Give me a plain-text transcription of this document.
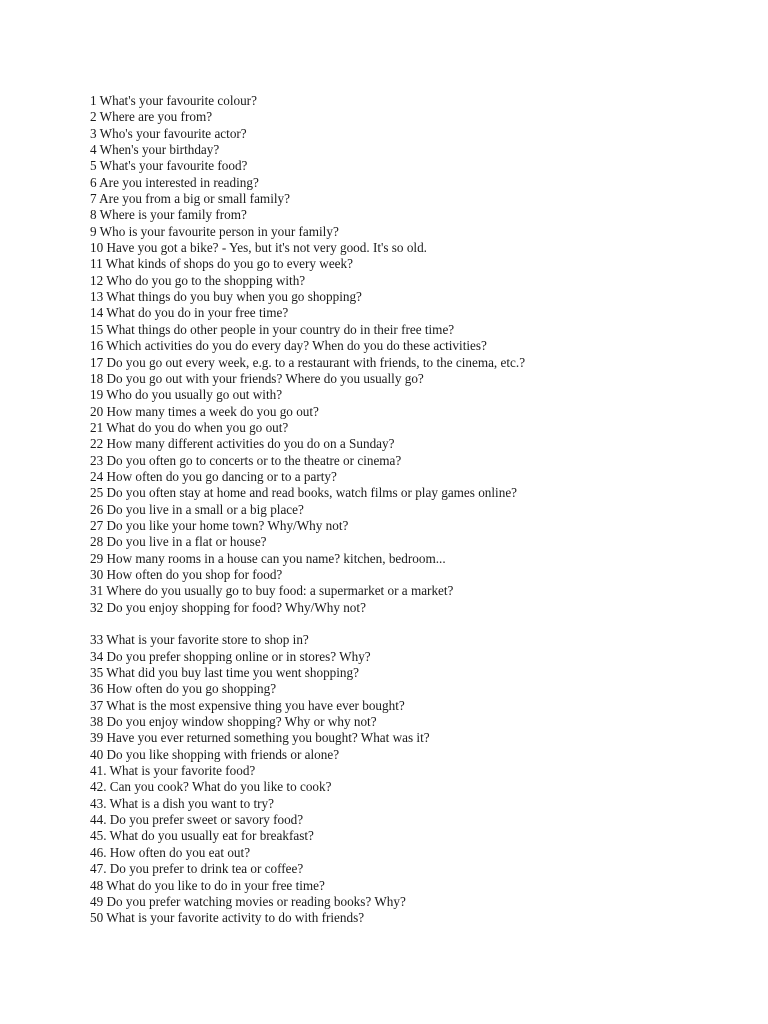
1 What's your favourite colour?
2 Where are you from?
3 Who's your favourite actor?
4 When's your birthday?
5 What's your favourite food?
6 Are you interested in reading?
7 Are you from a big or small family?
8 Where is your family from?
9 Who is your favourite person in your family?
10 Have you got a bike? - Yes, but it's not very good. It's so old.
11 What kinds of shops do you go to every week?
12 Who do you go to the shopping with?
13 What things do you buy when you go shopping?
14 What do you do in your free time?
15 What things do other people in your country do in their free time?
16 Which activities do you do every day? When do you do these activities?
17 Do you go out every week, e.g. to a restaurant with friends, to the cinema, etc.?
18 Do you go out with your friends? Where do you usually go?
19 Who do you usually go out with?
20 How many times a week do you go out?
21 What do you do when you go out?
22 How many different activities do you do on a Sunday?
23 Do you often go to concerts or to the theatre or cinema?
24 How often do you go dancing or to a party?
25 Do you often stay at home and read books, watch films or play games online?
26 Do you live in a small or a big place?
27 Do you like your home town? Why/Why not?
28 Do you live in a flat or house?
29 How many rooms in a house can you name? kitchen, bedroom...
30 How often do you shop for food?
31 Where do you usually go to buy food: a supermarket or a market?
32 Do you enjoy shopping for food? Why/Why not?
33 What is your favorite store to shop in?
34 Do you prefer shopping online or in stores? Why?
35 What did you buy last time you went shopping?
36 How often do you go shopping?
37 What is the most expensive thing you have ever bought?
38 Do you enjoy window shopping? Why or why not?
39 Have you ever returned something you bought? What was it?
40 Do you like shopping with friends or alone?
41. What is your favorite food?
42. Can you cook? What do you like to cook?
43. What is a dish you want to try?
44. Do you prefer sweet or savory food?
45. What do you usually eat for breakfast?
46. How often do you eat out?
47. Do you prefer to drink tea or coffee?
48 What do you like to do in your free time?
49 Do you prefer watching movies or reading books? Why?
50 What is your favorite activity to do with friends?
